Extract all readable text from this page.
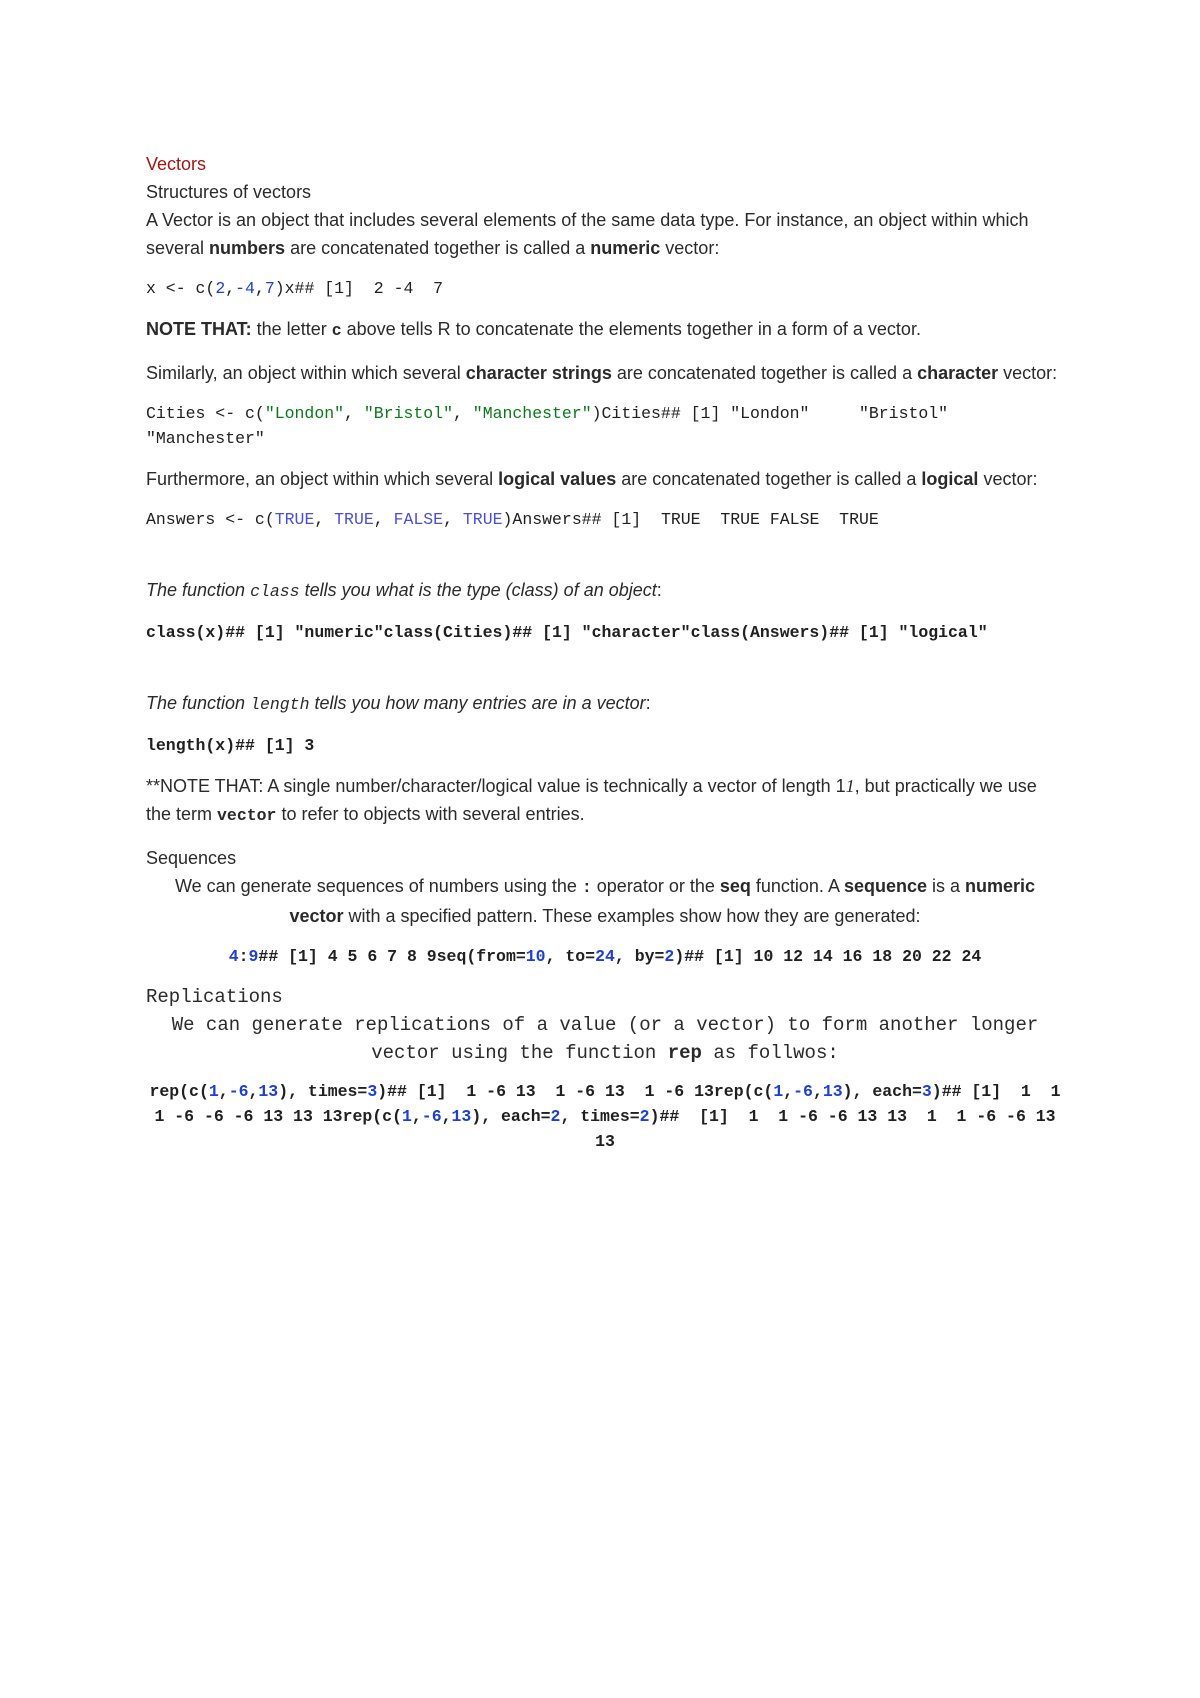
Vectors

Structures of vectors

A Vector is an object that includes several elements of the same data type. For instance, an object within which several numbers are concatenated together is called a numeric vector:

x <- c(2,-4,7)x## [1]  2 -4  7

NOTE THAT: the letter c above tells R to concatenate the elements together in a form of a vector.

Similarly, an object within which several character strings are concatenated together is called a character vector:

Cities <- c("London", "Bristol", "Manchester")Cities## [1] "London"     "Bristol"    "Manchester"

Furthermore, an object within which several logical values are concatenated together is called a logical vector:

Answers <- c(TRUE, TRUE, FALSE, TRUE)Answers## [1]  TRUE  TRUE FALSE  TRUE

The function class tells you what is the type (class) of an object:

class(x)## [1] "numeric"class(Cities)## [1] "character"class(Answers)## [1] "logical"

The function length tells you how many entries are in a vector:

length(x)## [1] 3

**NOTE THAT: A single number/character/logical value is technically a vector of length 11, but practically we use the term vector to refer to objects with several entries.

Sequences

We can generate sequences of numbers using the : operator or the seq function. A sequence is a numeric vector with a specified pattern. These examples show how they are generated:

4:9## [1] 4 5 6 7 8 9seq(from=10, to=24, by=2)## [1] 10 12 14 16 18 20 22 24

Replications

We can generate replications of a value (or a vector) to form another longer vector using the function rep as follwos:

rep(c(1,-6,13), times=3)## [1]  1 -6 13  1 -6 13  1 -6 13rep(c(1,-6,13), each=3)## [1]  1  1  1 -6 -6 -6 13 13 13rep(c(1,-6,13), each=2, times=2)##  [1]  1  1 -6 -6 13 13  1  1 -6 -6 13 13
